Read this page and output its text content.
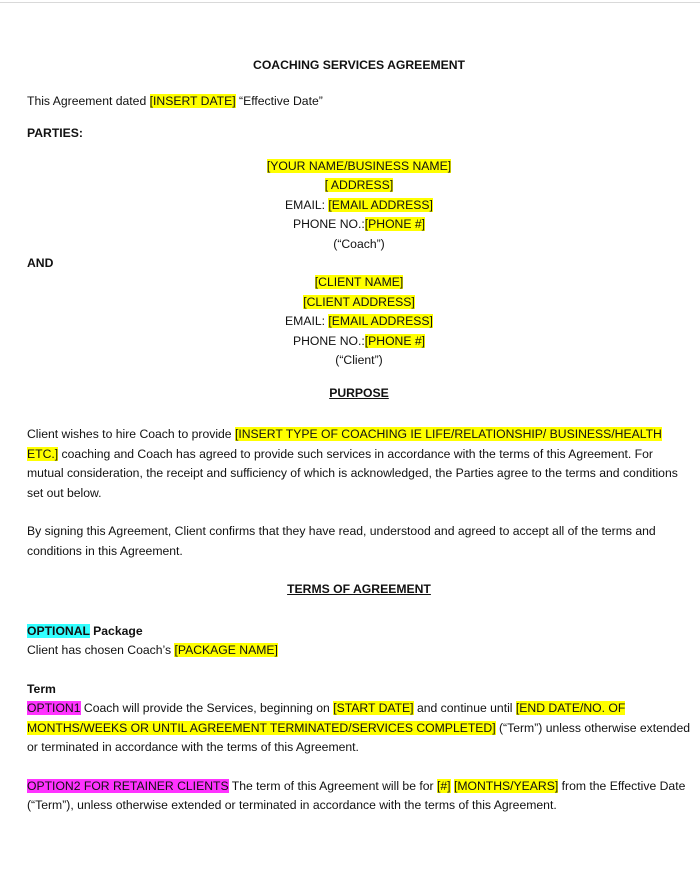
COACHING SERVICES AGREEMENT

This Agreement dated [INSERT DATE] “Effective Date”

PARTIES:

[YOUR NAME/BUSINESS NAME]

[ ADDRESS]

EMAIL: [EMAIL ADDRESS]

PHONE NO.:[PHONE #]

(“Coach”)

AND

[CLIENT NAME]

[CLIENT ADDRESS]

EMAIL: [EMAIL ADDRESS]

PHONE NO.:[PHONE #]

(“Client”)

PURPOSE

Client wishes to hire Coach to provide [INSERT TYPE OF COACHING IE LIFE/RELATIONSHIP/ BUSINESS/HEALTH ETC.] coaching and Coach has agreed to provide such services in accordance with the terms of this Agreement. For mutual consideration, the receipt and sufficiency of which is acknowledged, the Parties agree to the terms and conditions set out below.

By signing this Agreement, Client confirms that they have read, understood and agreed to accept all of the terms and conditions in this Agreement.

TERMS OF AGREEMENT

OPTIONAL Package

Client has chosen Coach’s [PACKAGE NAME]

Term

OPTION1 Coach will provide the Services, beginning on [START DATE] and continue until [END DATE/NO. OF MONTHS/WEEKS OR UNTIL AGREEMENT TERMINATED/SERVICES COMPLETED] (“Term”) unless otherwise extended or terminated in accordance with the terms of this Agreement.

OPTION2 FOR RETAINER CLIENTS The term of this Agreement will be for [#] [MONTHS/YEARS] from the Effective Date (“Term”), unless otherwise extended or terminated in accordance with the terms of this Agreement.
